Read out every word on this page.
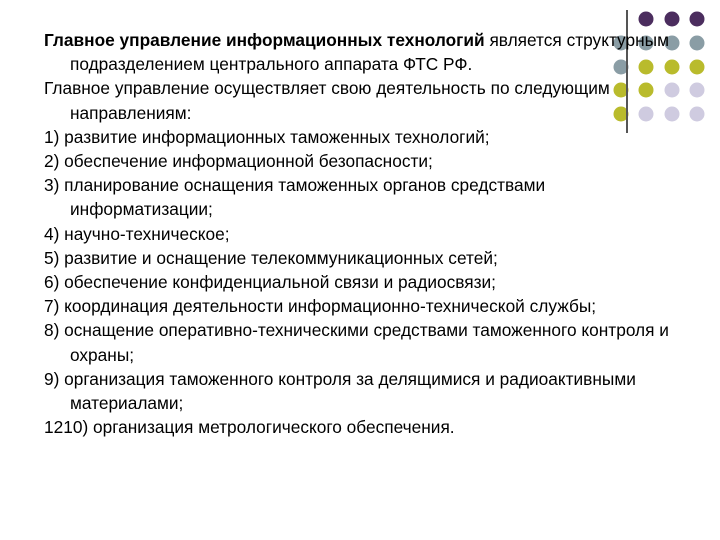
Главное управление информационных технологий является структурным подразделением центрального аппарата ФТС РФ.

Главное управление осуществляет свою деятельность по следующим направлениям:

1) развитие информационных таможенных технологий;

2) обеспечение информационной безопасности;

3) планирование оснащения таможенных органов средствами информатизации;

4) научно-техническое;

5) развитие и оснащение телекоммуникационных сетей;

6) обеспечение конфиденциальной связи и радиосвязи;

7) координация деятельности информационно-технической службы;

8) оснащение оперативно-техническими средствами таможенного контроля и охраны;

9) организация таможенного контроля за делящимися и радиоактивными материалами;

1210) организация метрологического обеспечения.
